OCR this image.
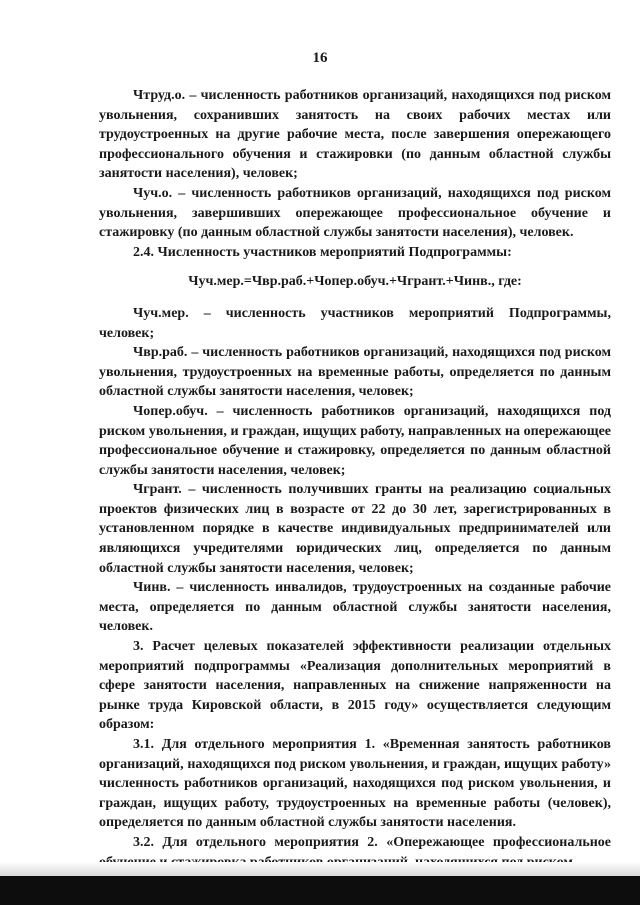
16

Чтруд.о. – численность работников организаций, находящихся под риском увольнения, сохранивших занятость на своих рабочих местах или трудоустроенных на другие рабочие места, после завершения опережающего профессионального обучения и стажировки (по данным областной службы занятости населения), человек;

Чуч.о. – численность работников организаций, находящихся под риском увольнения, завершивших опережающее профессиональное обучение и стажировку (по данным областной службы занятости населения), человек.

2.4. Численность участников мероприятий Подпрограммы:

Чуч.мер.=Чвр.раб.+Чопер.обуч.+Чгрант.+Чинв., где:

Чуч.мер. – численность участников мероприятий Подпрограммы, человек;

Чвр.раб. – численность работников организаций, находящихся под риском увольнения, трудоустроенных на временные работы, определяется по данным областной службы занятости населения, человек;

Чопер.обуч. – численность работников организаций, находящихся под риском увольнения, и граждан, ищущих работу, направленных на опережающее профессиональное обучение и стажировку, определяется по данным областной службы занятости населения, человек;

Чгрант. – численность получивших гранты на реализацию социальных проектов физических лиц в возрасте от 22 до 30 лет, зарегистрированных в установленном порядке в качестве индивидуальных предпринимателей или являющихся учредителями юридических лиц, определяется по данным областной службы занятости населения, человек;

Чинв. – численность инвалидов, трудоустроенных на созданные рабочие места, определяется по данным областной службы занятости населения, человек.

3. Расчет целевых показателей эффективности реализации отдельных мероприятий подпрограммы «Реализация дополнительных мероприятий в сфере занятости населения, направленных на снижение напряженности на рынке труда Кировской области, в 2015 году» осуществляется следующим образом:

3.1. Для отдельного мероприятия 1. «Временная занятость работников организаций, находящихся под риском увольнения, и граждан, ищущих работу» численность работников организаций, находящихся под риском увольнения, и граждан, ищущих работу, трудоустроенных на временные работы (человек), определяется по данным областной службы занятости населения.

3.2. Для отдельного мероприятия 2. «Опережающее профессиональное
